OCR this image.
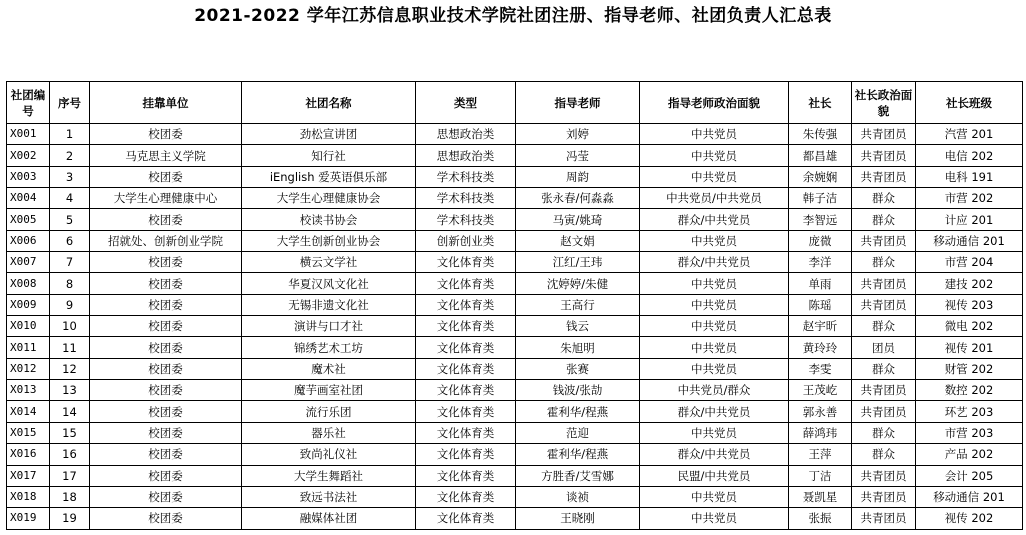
2021-2022 学年江苏信息职业技术学院社团注册、指导老师、社团负责人汇总表
社团编号	序号	挂靠单位	社团名称	类型	指导老师	指导老师政治面貌	社长	社长政治面貌	社长班级
X001	1	校团委	劲松宣讲团	思想政治类	刘婷	中共党员	朱传强	共青团员	汽营 201
X002	2	马克思主义学院	知行社	思想政治类	冯莹	中共党员	都昌雄	共青团员	电信 202
X003	3	校团委	iEnglish 爱英语俱乐部	学术科技类	周韵	中共党员	余婉娴	共青团员	电科 191
X004	4	大学生心理健康中心	大学生心理健康协会	学术科技类	张永春/何淼淼	中共党员/中共党员	韩子洁	群众	市营 202
X005	5	校团委	校读书协会	学术科技类	马寅/姚琦	群众/中共党员	李智远	群众	计应 201
X006	6	招就处、创新创业学院	大学生创新创业协会	创新创业类	赵文娟	中共党员	庞微	共青团员	移动通信 201
X007	7	校团委	横云文学社	文化体育类	江红/王玮	群众/中共党员	李洋	群众	市营 204
X008	8	校团委	华夏汉风文化社	文化体育类	沈婷婷/朱健	中共党员	单雨	共青团员	建技 202
X009	9	校团委	无锡非遗文化社	文化体育类	王高行	中共党员	陈瑶	共青团员	视传 203
X010	10	校团委	演讲与口才社	文化体育类	钱云	中共党员	赵宇昕	群众	微电 202
X011	11	校团委	锦绣艺术工坊	文化体育类	朱旭明	中共党员	黄玲玲	团员	视传 201
X012	12	校团委	魔术社	文化体育类	张赛	中共党员	李雯	群众	财管 202
X013	13	校团委	魔芋画室社团	文化体育类	钱波/张劼	中共党员/群众	王茂屹	共青团员	数控 202
X014	14	校团委	流行乐团	文化体育类	霍利华/程燕	群众/中共党员	郭永善	共青团员	环艺 203
X015	15	校团委	器乐社	文化体育类	范迎	中共党员	薛鸿玮	群众	市营 203
X016	16	校团委	致尚礼仪社	文化体育类	霍利华/程燕	群众/中共党员	王萍	群众	产品 202
X017	17	校团委	大学生舞蹈社	文化体育类	方胜香/艾雪娜	民盟/中共党员	丁洁	共青团员	会计 205
X018	18	校团委	致远书法社	文化体育类	谈祯	中共党员	聂凯星	共青团员	移动通信 201
X019	19	校团委	融媒体社团	文化体育类	王晓刚	中共党员	张振	共青团员	视传 202
